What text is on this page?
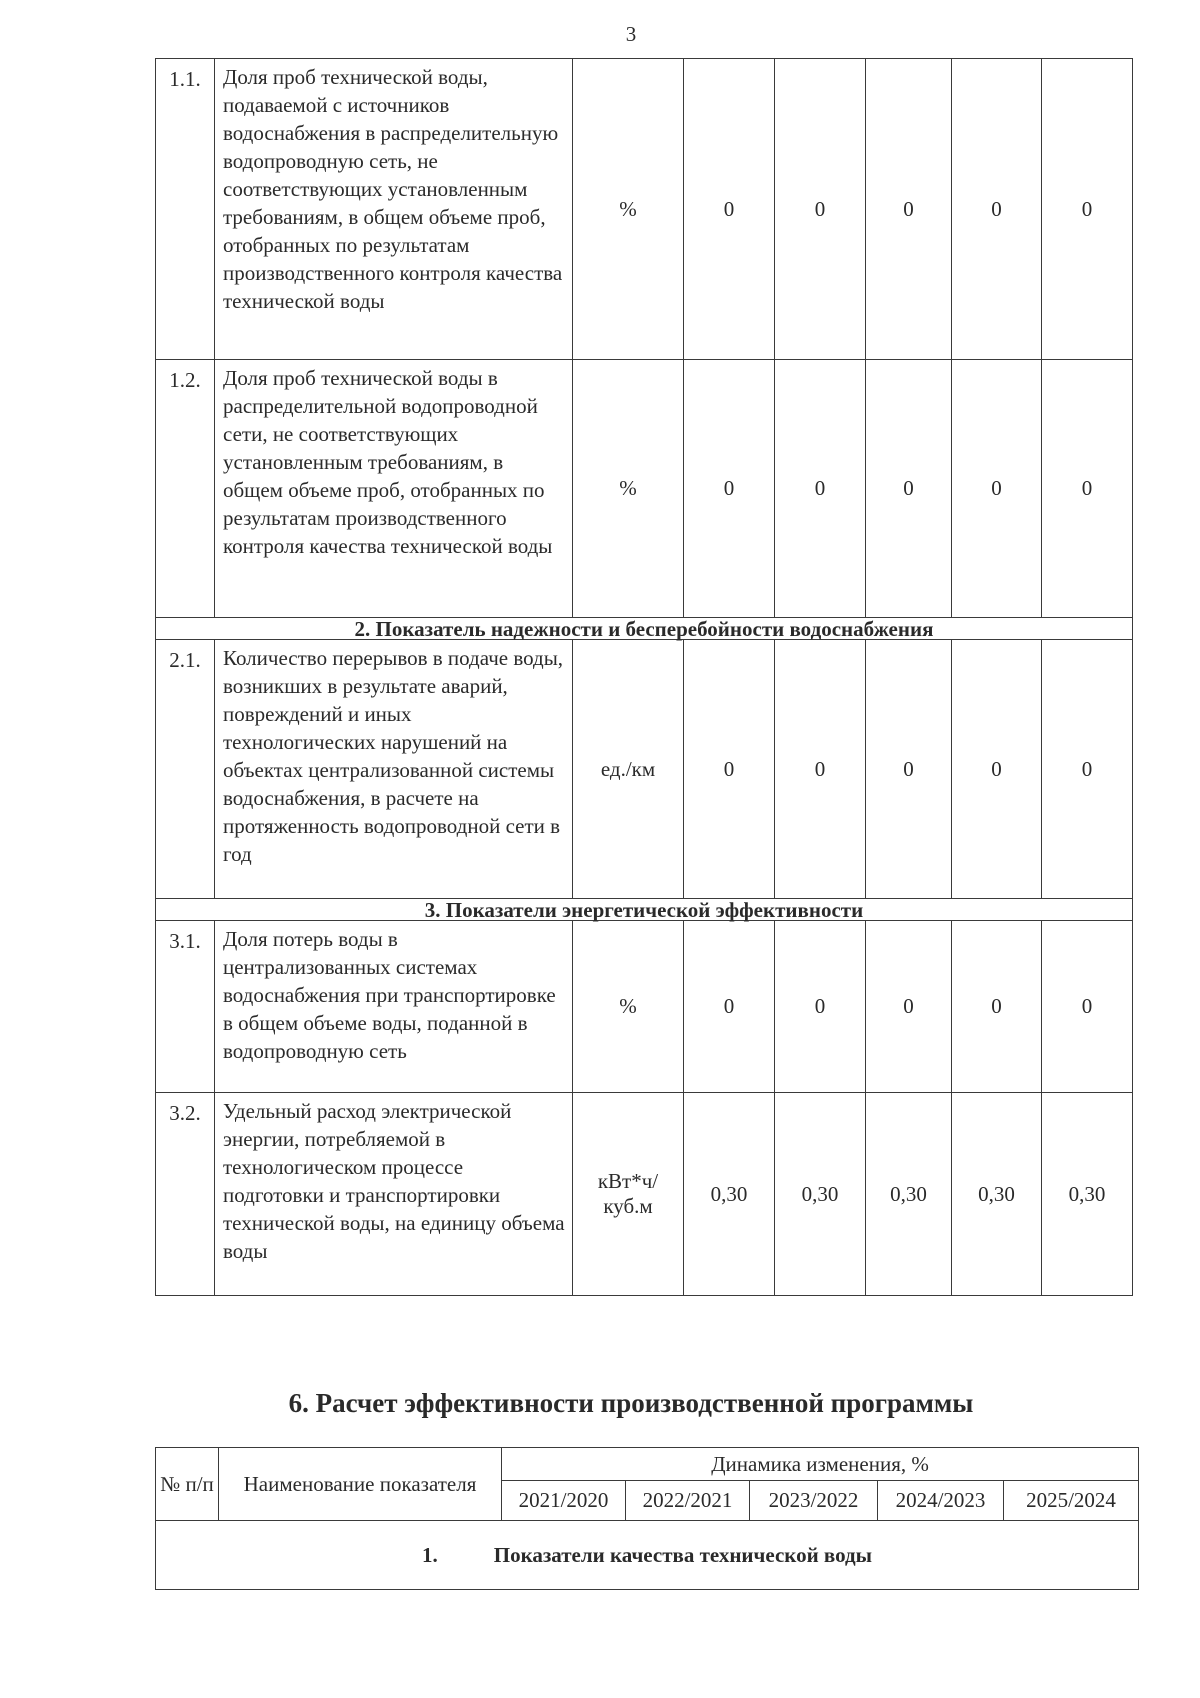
3
1.1.	Доля проб технической воды, подаваемой с источников водоснабжения в распределительную водопроводную сеть, не соответствующих установленным требованиям, в общем объеме проб, отобранных по результатам производственного контроля качества технической воды	%	0	0	0	0	0
1.2.	Доля проб технической воды в распределительной водопроводной сети, не соответствующих установленным требованиям, в общем объеме проб, отобранных по результатам производственного контроля качества технической воды	%	0	0	0	0	0
2. Показатель надежности и бесперебойности водоснабжения							
2.1.	Количество перерывов в подаче воды, возникших в результате аварий, повреждений и иных технологических нарушений на объектах централизованной системы водоснабжения, в расчете на протяженность водопроводной сети в год	ед./км	0	0	0	0	0
3. Показатели энергетической эффективности							
3.1.	Доля потерь воды в централизованных системах водоснабжения при транспортировке в общем объеме воды, поданной в водопроводную сеть	%	0	0	0	0	0
3.2.	Удельный расход электрической энергии, потребляемой в технологическом процессе подготовки и транспортировки технической воды, на единицу объема воды	кВт*ч/ куб.м	0,30	0,30	0,30	0,30	0,30
6. Расчет эффективности производственной программы
№ п/п	Наименование показателя	Динамика изменения, %				
		2021/2020	2022/2021	2023/2022	2024/2023	2025/2024
1. Показатели качества технической воды						
